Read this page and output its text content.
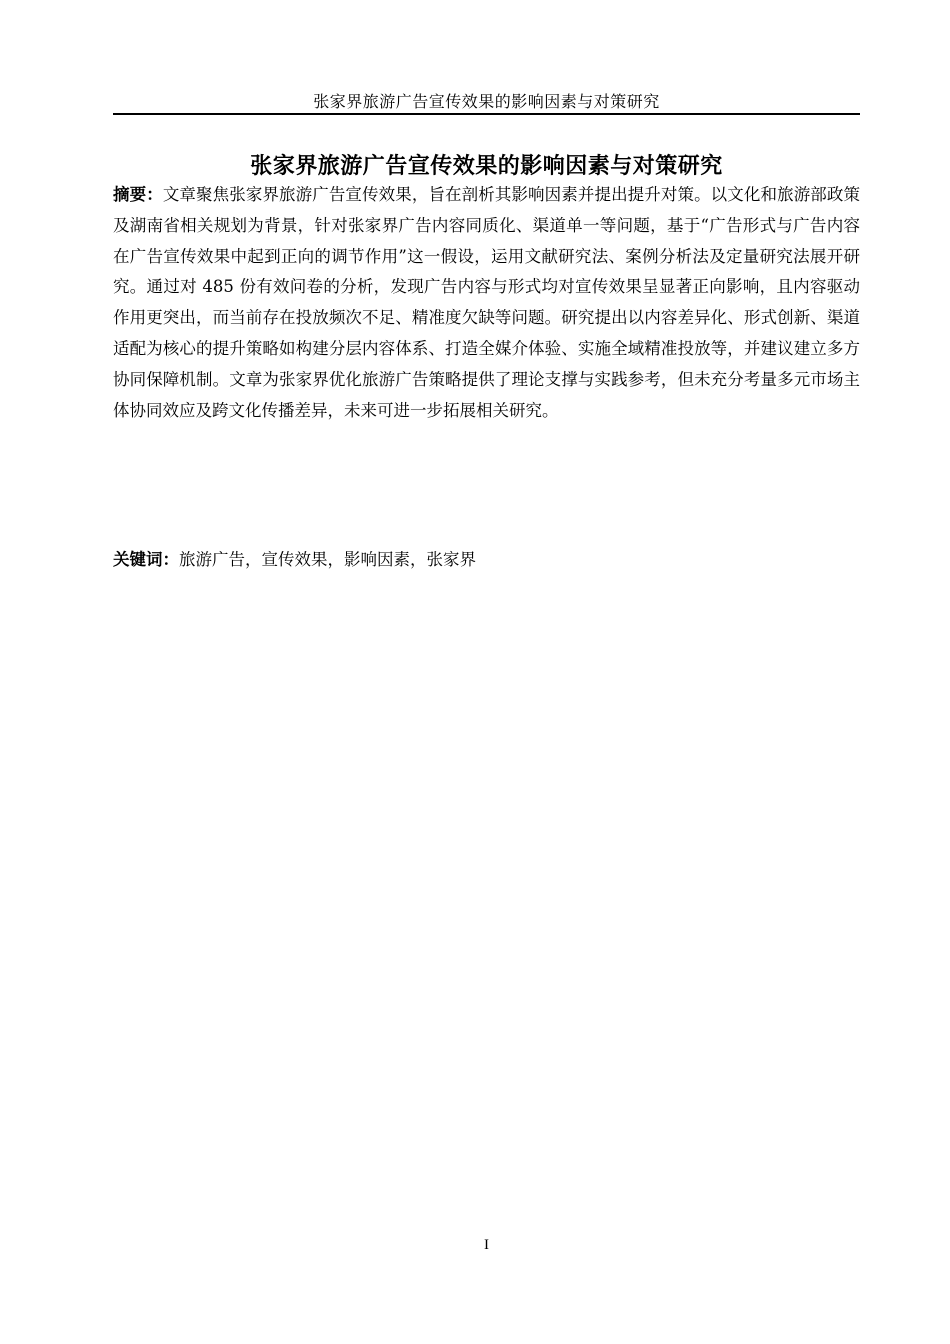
张家界旅游广告宣传效果的影响因素与对策研究
张家界旅游广告宣传效果的影响因素与对策研究

摘要：文章聚焦张家界旅游广告宣传效果，旨在剖析其影响因素并提出提升对策。以文化和旅游部政策及湖南省相关规划为背景，针对张家界广告内容同质化、渠道单一等问题，基于“广告形式与广告内容在广告宣传效果中起到正向的调节作用”这一假设，运用文献研究法、案例分析法及定量研究法展开研究。通过对 485 份有效问卷的分析，发现广告内容与形式均对宣传效果呈显著正向影响，且内容驱动作用更突出，而当前存在投放频次不足、精准度欠缺等问题。研究提出以内容差异化、形式创新、渠道适配为核心的提升策略如构建分层内容体系、打造全媒介体验、实施全域精准投放等，并建议建立多方协同保障机制。文章为张家界优化旅游广告策略提供了理论支撑与实践参考，但未充分考量多元市场主体协同效应及跨文化传播差异，未来可进一步拓展相关研究。

关键词：旅游广告，宣传效果，影响因素，张家界

I
